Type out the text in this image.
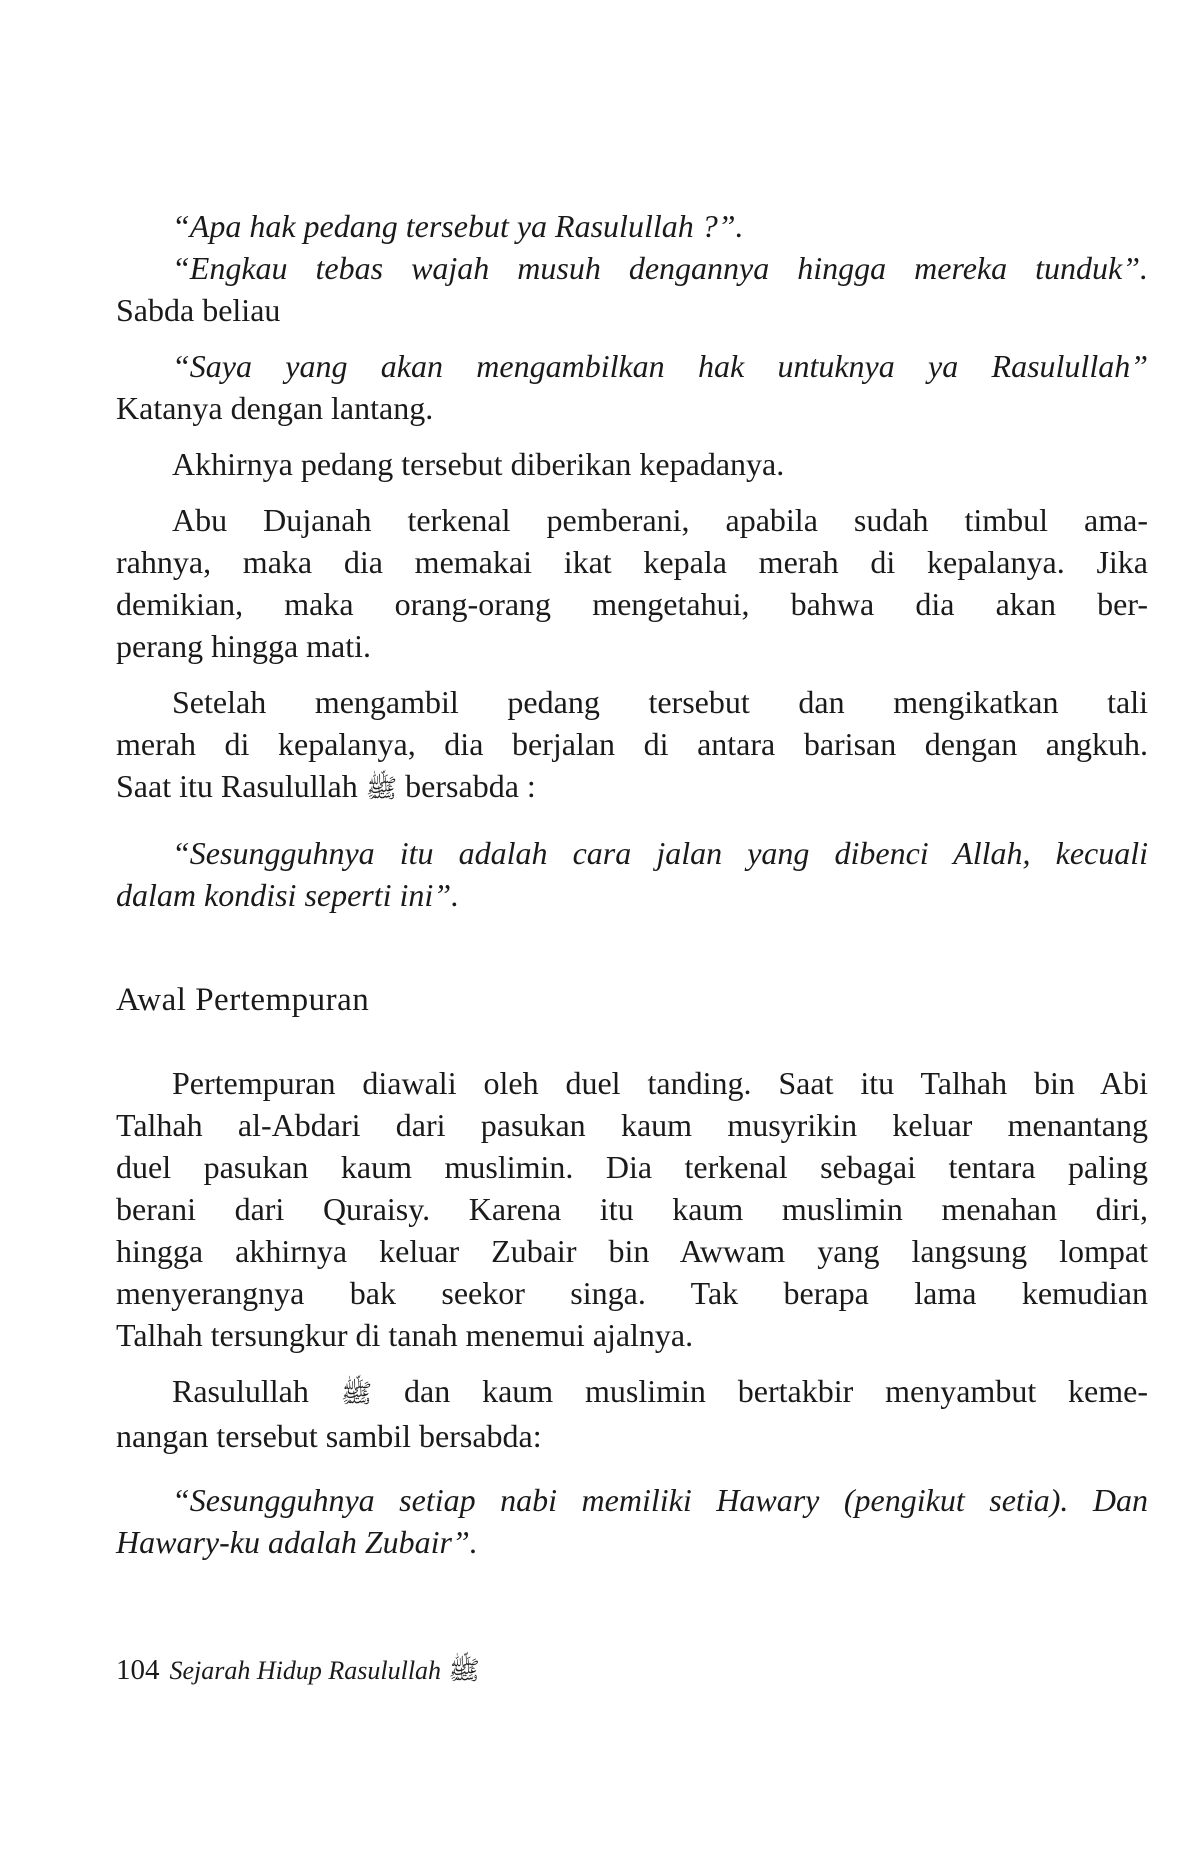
“Apa hak pedang tersebut ya Rasulullah ?”.

“Engkau tebas wajah musuh dengannya hingga mereka tunduk”.

Sabda beliau

“Saya yang akan mengambilkan hak untuknya ya Rasulullah”

Katanya dengan lantang.

Akhirnya pedang tersebut diberikan kepadanya.

Abu Dujanah terkenal pemberani, apabila sudah timbul ama-

rahnya, maka dia memakai ikat kepala merah di kepalanya. Jika

demikian, maka orang-orang mengetahui, bahwa dia akan ber-

perang hingga mati.

Setelah mengambil pedang tersebut dan mengikatkan tali

merah di kepalanya, dia berjalan di antara barisan dengan angkuh.

Saat itu Rasulullah ﷺ bersabda :

“Sesungguhnya itu adalah cara jalan yang dibenci Allah, kecuali

dalam kondisi seperti ini”.

Awal Pertempuran

Pertempuran diawali oleh duel tanding. Saat itu Talhah bin Abi

Talhah al-Abdari dari pasukan kaum musyrikin keluar menantang

duel pasukan kaum muslimin. Dia terkenal sebagai tentara paling

berani dari Quraisy. Karena itu kaum muslimin menahan diri,

hingga akhirnya keluar Zubair bin Awwam yang langsung lompat

menyerangnya bak seekor singa. Tak berapa lama kemudian

Talhah tersungkur di tanah menemui ajalnya.

Rasulullah ﷺ dan kaum muslimin bertakbir menyambut keme-

nangan tersebut sambil bersabda:

“Sesungguhnya setiap nabi memiliki Hawary (pengikut setia). Dan

Hawary-ku adalah Zubair”.

104 Sejarah Hidup Rasulullah ﷺ
